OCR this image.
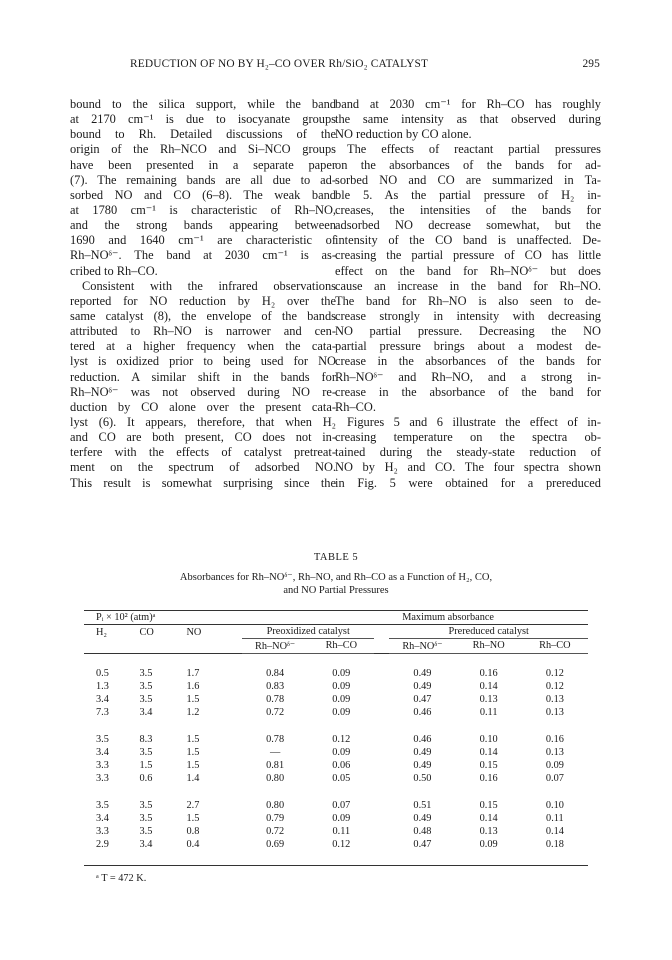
REDUCTION OF NO BY H₂–CO OVER Rh/SiO₂ CATALYST	295
bound to the silica support, while the band
at 2170 cm⁻¹ is due to isocyanate groups
bound to Rh. Detailed discussions of the
origin of the Rh–NCO and Si–NCO groups
have been presented in a separate paper
(7). The remaining bands are all due to ad-
sorbed NO and CO (6–8). The weak band
at 1780 cm⁻¹ is characteristic of Rh–NO,
and the strong bands appearing between
1690 and 1640 cm⁻¹ are characteristic of
Rh–NOᵟ⁻. The band at 2030 cm⁻¹ is as-
cribed to Rh–CO.
Consistent with the infrared observations
reported for NO reduction by H₂ over the
same catalyst (8), the envelope of the bands
attributed to Rh–NO is narrower and cen-
tered at a higher frequency when the cata-
lyst is oxidized prior to being used for NO
reduction. A similar shift in the bands for
Rh–NOᵟ⁻ was not observed during NO re-
duction by CO alone over the present cata-
lyst (6). It appears, therefore, that when H₂
and CO are both present, CO does not in-
terfere with the effects of catalyst pretreat-
ment on the spectrum of adsorbed NO.
This result is somewhat surprising since the
band at 2030 cm⁻¹ for Rh–CO has roughly
the same intensity as that observed during
NO reduction by CO alone.
The effects of reactant partial pressures
on the absorbances of the bands for ad-
sorbed NO and CO are summarized in Ta-
ble 5. As the partial pressure of H₂ in-
creases, the intensities of the bands for
adsorbed NO decrease somewhat, but the
intensity of the CO band is unaffected. De-
creasing the partial pressure of CO has little
effect on the band for Rh–NOᵟ⁻ but does
cause an increase in the band for Rh–NO.
The band for Rh–NO is also seen to de-
crease strongly in intensity with decreasing
NO partial pressure. Decreasing the NO
partial pressure brings about a modest de-
crease in the absorbances of the bands for
Rh–NOᵟ⁻ and Rh–NO, and a strong in-
crease in the absorbance of the band for
Rh–CO.
Figures 5 and 6 illustrate the effect of in-
creasing temperature on the spectra ob-
tained during the steady-state reduction of
NO by H₂ and CO. The four spectra shown
in Fig. 5 were obtained for a prereduced
TABLE 5
Absorbances for Rh–NOᵟ⁻, Rh–NO, and Rh–CO as a Function of H₂, CO,
and NO Partial Pressures
Pᵢ × 10² (atm)ᵃ				Maximum absorbance				
H₂	CO	NO	Preoxidized catalyst			Prereduced catalyst		
			Rh–NOᵟ⁻	Rh–CO		Rh–NOᵟ⁻	Rh–NO	Rh–CO

0.5	3.5	1.7	0.84	0.09		0.49	0.16	0.12
1.3	3.5	1.6	0.83	0.09		0.49	0.14	0.12
3.4	3.5	1.5	0.78	0.09		0.47	0.13	0.13
7.3	3.4	1.2	0.72	0.09		0.46	0.11	0.13

3.5	8.3	1.5	0.78	0.12		0.46	0.10	0.16
3.4	3.5	1.5	—	0.09		0.49	0.14	0.13
3.3	1.5	1.5	0.81	0.06		0.49	0.15	0.09
3.3	0.6	1.4	0.80	0.05		0.50	0.16	0.07

3.5	3.5	2.7	0.80	0.07		0.51	0.15	0.10
3.4	3.5	1.5	0.79	0.09		0.49	0.14	0.11
3.3	3.5	0.8	0.72	0.11		0.48	0.13	0.14
2.9	3.4	0.4	0.69	0.12		0.47	0.09	0.18

ᵃ T = 472 K.								
